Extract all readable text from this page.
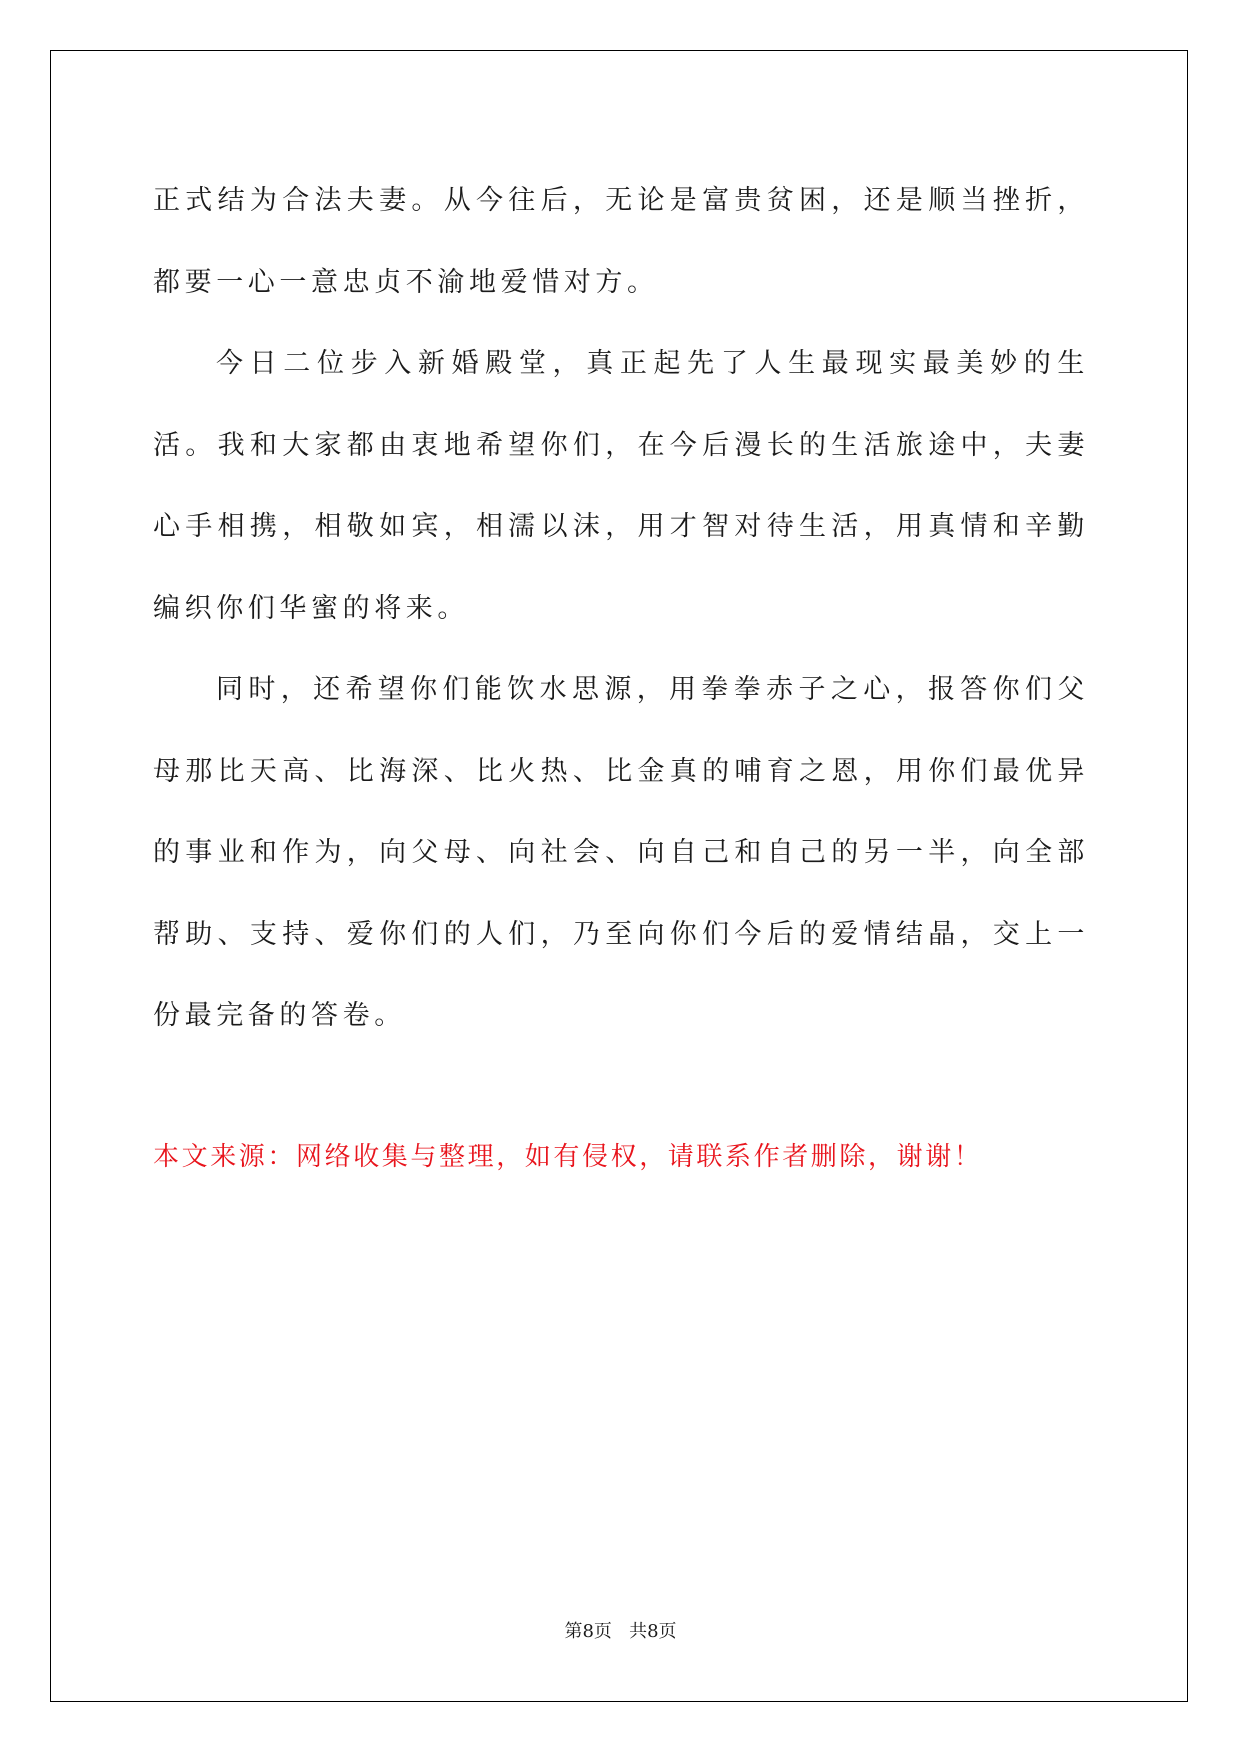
正式结为合法夫妻。从今往后，无论是富贵贫困，还是顺当挫折，都要一心一意忠贞不渝地爱惜对方。

今日二位步入新婚殿堂，真正起先了人生最现实最美妙的生活。我和大家都由衷地希望你们，在今后漫长的生活旅途中，夫妻心手相携，相敬如宾，相濡以沫，用才智对待生活，用真情和辛勤编织你们华蜜的将来。

同时，还希望你们能饮水思源，用拳拳赤子之心，报答你们父母那比天高、比海深、比火热、比金真的哺育之恩，用你们最优异的事业和作为，向父母、向社会、向自己和自己的另一半，向全部帮助、支持、爱你们的人们，乃至向你们今后的爱情结晶，交上一份最完备的答卷。

本文来源：网络收集与整理，如有侵权，请联系作者删除，谢谢！
第8页   共8页
